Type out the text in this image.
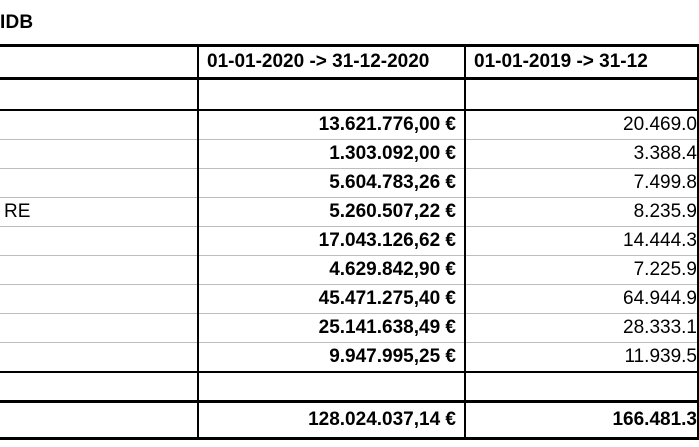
IDB
	01-01-2020 -> 31-12-2020	01-01-2019 -> 31-12

	13.621.776,00 €	20.469.0
	1.303.092,00 €	3.388.4
	5.604.783,26 €	7.499.8
RE	5.260.507,22 €	8.235.9
	17.043.126,62 €	14.444.3
	4.629.842,90 €	7.225.9
	45.471.275,40 €	64.944.9
	25.141.638,49 €	28.333.1
	9.947.995,25 €	11.939.5

	128.024.037,14 €	166.481.3
